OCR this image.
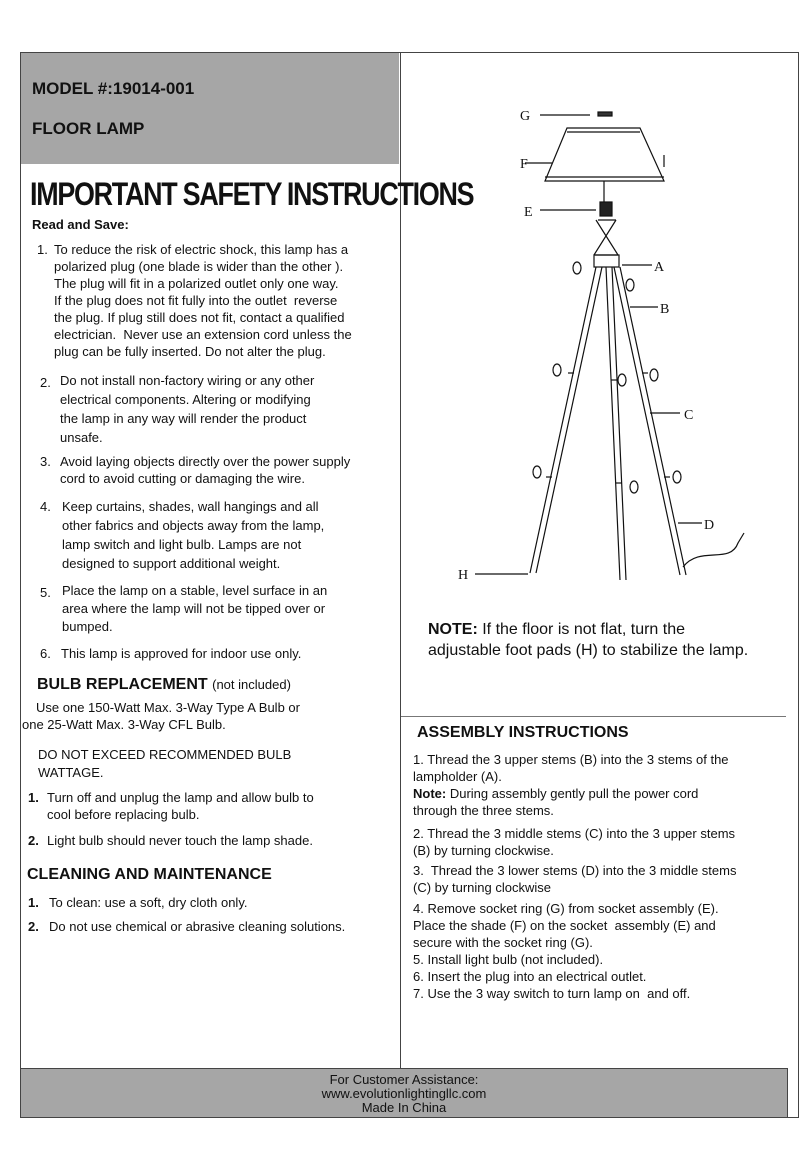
MODEL #:19014-001
FLOOR LAMP
IMPORTANT SAFETY INSTRUCTIONS
Read and Save:
1. To reduce the risk of electric shock, this lamp has a
polarized plug (one blade is wider than the other ).
The plug will fit in a polarized outlet only one way.
If the plug does not fit fully into the outlet  reverse
the plug. If plug still does not fit, contact a qualified
electrician.  Never use an extension cord unless the
plug can be fully inserted. Do not alter the plug.
2. Do not install non-factory wiring or any other
electrical components. Altering or modifying
the lamp in any way will render the product
unsafe.
3. Avoid laying objects directly over the power supply
cord to avoid cutting or damaging the wire.
4. Keep curtains, shades, wall hangings and all
other fabrics and objects away from the lamp,
lamp switch and light bulb. Lamps are not
designed to support additional weight.
5. Place the lamp on a stable, level surface in an
area where the lamp will not be tipped over or
bumped.
6. This lamp is approved for indoor use only.
BULB REPLACEMENT (not included)
Use one 150-Watt Max. 3-Way Type A Bulb or
one 25-Watt Max. 3-Way CFL Bulb.
DO NOT EXCEED RECOMMENDED BULB
WATTAGE.
1. Turn off and unplug the lamp and allow bulb to
cool before replacing bulb.
2. Light bulb should never touch the lamp shade.
CLEANING AND MAINTENANCE
1. To clean: use a soft, dry cloth only.
2. Do not use chemical or abrasive cleaning solutions.
G
F
E
A
B
C
D
H
NOTE: If the floor is not flat, turn the
adjustable foot pads (H) to stabilize the lamp.
ASSEMBLY INSTRUCTIONS
1. Thread the 3 upper stems (B) into the 3 stems of the
lampholder (A).
Note: During assembly gently pull the power cord
through the three stems.
2. Thread the 3 middle stems (C) into the 3 upper stems
(B) by turning clockwise.
3.  Thread the 3 lower stems (D) into the 3 middle stems
(C) by turning clockwise
4. Remove socket ring (G) from socket assembly (E).
Place the shade (F) on the socket  assembly (E) and
secure with the socket ring (G).
5. Install light bulb (not included).
6. Insert the plug into an electrical outlet.
7. Use the 3 way switch to turn lamp on  and off.
For Customer Assistance:
www.evolutionlightingllc.com
Made In China
